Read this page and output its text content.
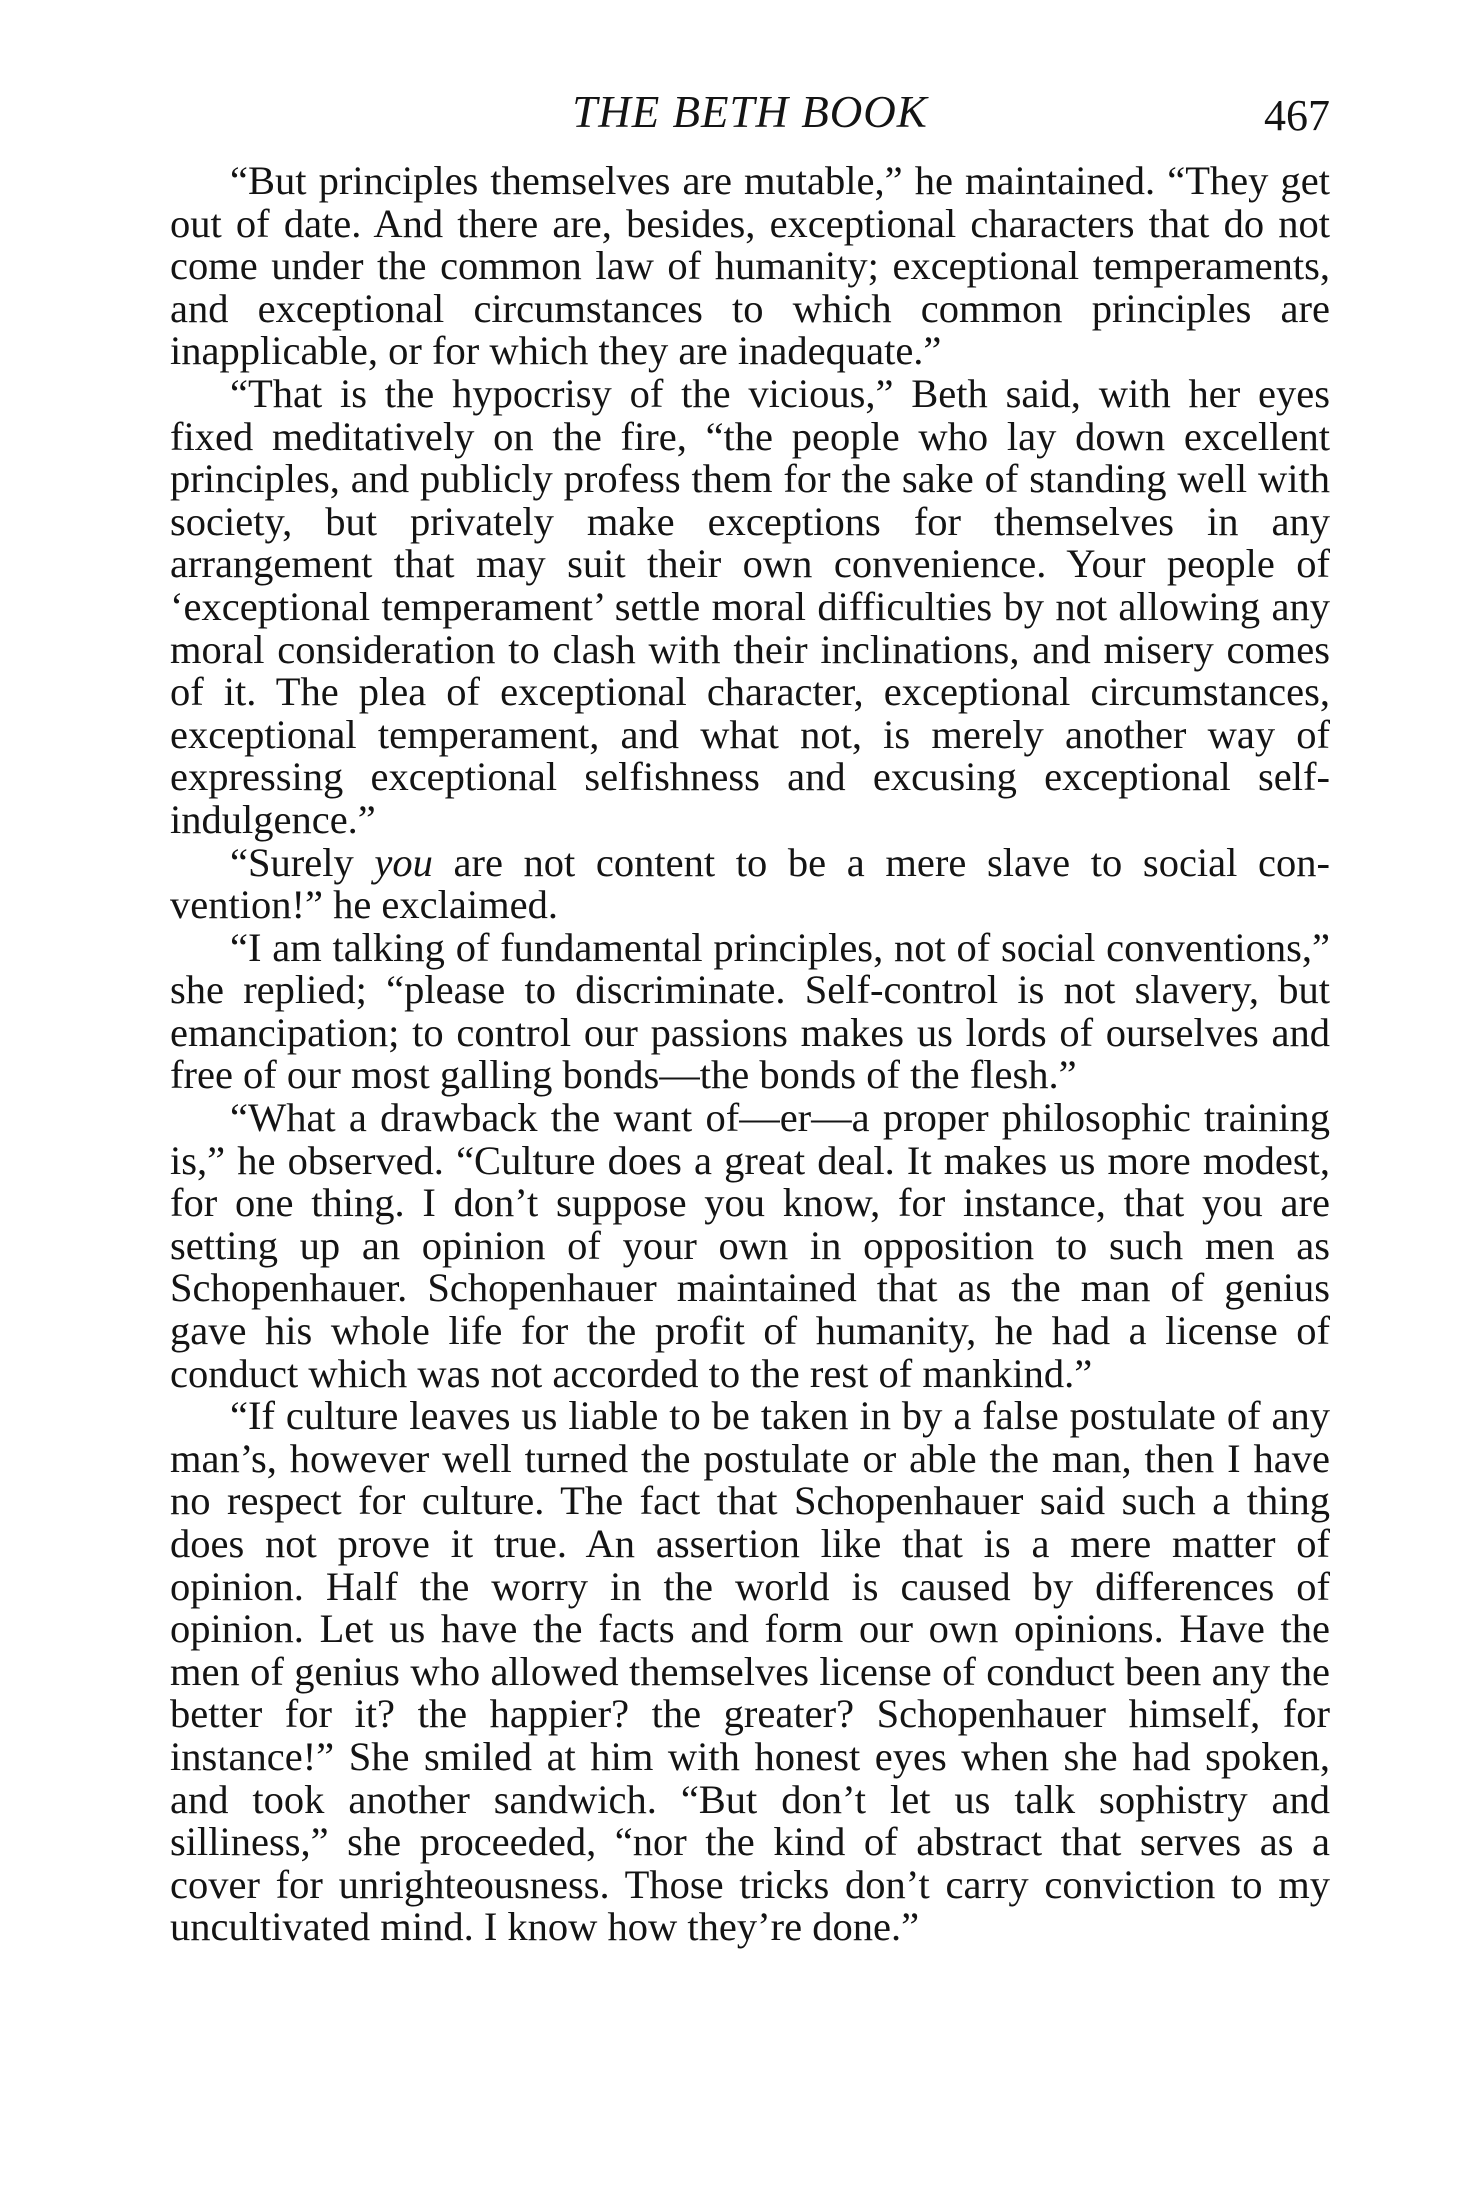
THE BETH BOOK	467

“But principles themselves are mutable,” he maintained. “They get out of date. And there are, besides, exceptional characters that do not come under the common law of humanity; exceptional temperaments, and exceptional circumstances to which common principles are inapplicable, or for which they are inadequate.”

“That is the hypocrisy of the vicious,” Beth said, with her eyes fixed meditatively on the fire, “the people who lay down excellent principles, and publicly profess them for the sake of standing well with society, but privately make exceptions for themselves in any arrangement that may suit their own convenience. Your people of ‘exceptional temperament’ settle moral difficulties by not allowing any moral consideration to clash with their inclinations, and misery comes of it. The plea of exceptional character, exceptional circumstances, exceptional temperament, and what not, is merely another way of expressing exceptional selfishness and excusing exceptional self-indulgence.”

“Surely you are not content to be a mere slave to social convention!” he exclaimed.

“I am talking of fundamental principles, not of social conventions,” she replied; “please to discriminate. Self-control is not slavery, but emancipation; to control our passions makes us lords of ourselves and free of our most galling bonds—the bonds of the flesh.”

“What a drawback the want of—er—a proper philosophic training is,” he observed. “Culture does a great deal. It makes us more modest, for one thing. I don’t suppose you know, for instance, that you are setting up an opinion of your own in opposition to such men as Schopenhauer. Schopenhauer maintained that as the man of genius gave his whole life for the profit of humanity, he had a license of conduct which was not accorded to the rest of mankind.”

“If culture leaves us liable to be taken in by a false postulate of any man’s, however well turned the postulate or able the man, then I have no respect for culture. The fact that Schopenhauer said such a thing does not prove it true. An assertion like that is a mere matter of opinion. Half the worry in the world is caused by differences of opinion. Let us have the facts and form our own opinions. Have the men of genius who allowed themselves license of conduct been any the better for it? the happier? the greater? Schopenhauer himself, for instance!” She smiled at him with honest eyes when she had spoken, and took another sandwich. “But don’t let us talk sophistry and silliness,” she proceeded, “nor the kind of abstract that serves as a cover for unrighteousness. Those tricks don’t carry conviction to my uncultivated mind. I know how they’re done.”
